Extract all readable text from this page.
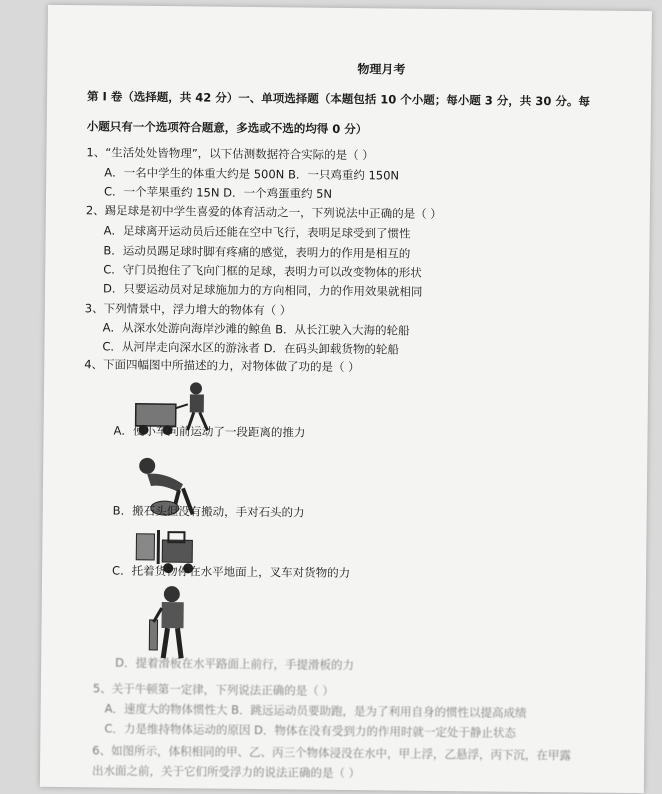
物理月考
第 I 卷（选择题，共 42 分）一、单项选择题（本题包括 10 个小题；每小题 3 分，共 30 分。每
小题只有一个选项符合题意，多选或不选的均得 0 分）
1、“生活处处皆物理”，以下估测数据符合实际的是（ ）
A．一名中学生的体重大约是 500N B．一只鸡重约 150N
C．一个苹果重约 15N D．一个鸡蛋重约 5N
2、踢足球是初中学生喜爱的体育活动之一，下列说法中正确的是（ ）
A．足球离开运动员后还能在空中飞行，表明足球受到了惯性
B．运动员踢足球时脚有疼痛的感觉，表明力的作用是相互的
C．守门员抱住了飞向门框的足球，表明力可以改变物体的形状
D．只要运动员对足球施加力的方向相同，力的作用效果就相同
3、下列情景中，浮力增大的物体有（ ）
A．从深水处游向海岸沙滩的鲸鱼 B．从长江驶入大海的轮船
C．从河岸走向深水区的游泳者 D．在码头卸载货物的轮船
4、下面四幅图中所描述的力，对物体做了功的是（ ）
A．使小车向前运动了一段距离的推力
B．搬石头但没有搬动，手对石头的力
C．托着货物停在水平地面上，叉车对货物的力
D．提着滑板在水平路面上前行，手提滑板的力
5、关于牛顿第一定律，下列说法正确的是（ ）
A．速度大的物体惯性大 B．跳远运动员要助跑，是为了利用自身的惯性以提高成绩
C．力是维持物体运动的原因 D．物体在没有受到力的作用时就一定处于静止状态
6、如图所示，体积相同的甲、乙、丙三个物体浸没在水中，甲上浮，乙悬浮，丙下沉，在甲露
出水面之前，关于它们所受浮力的说法正确的是（ ）
